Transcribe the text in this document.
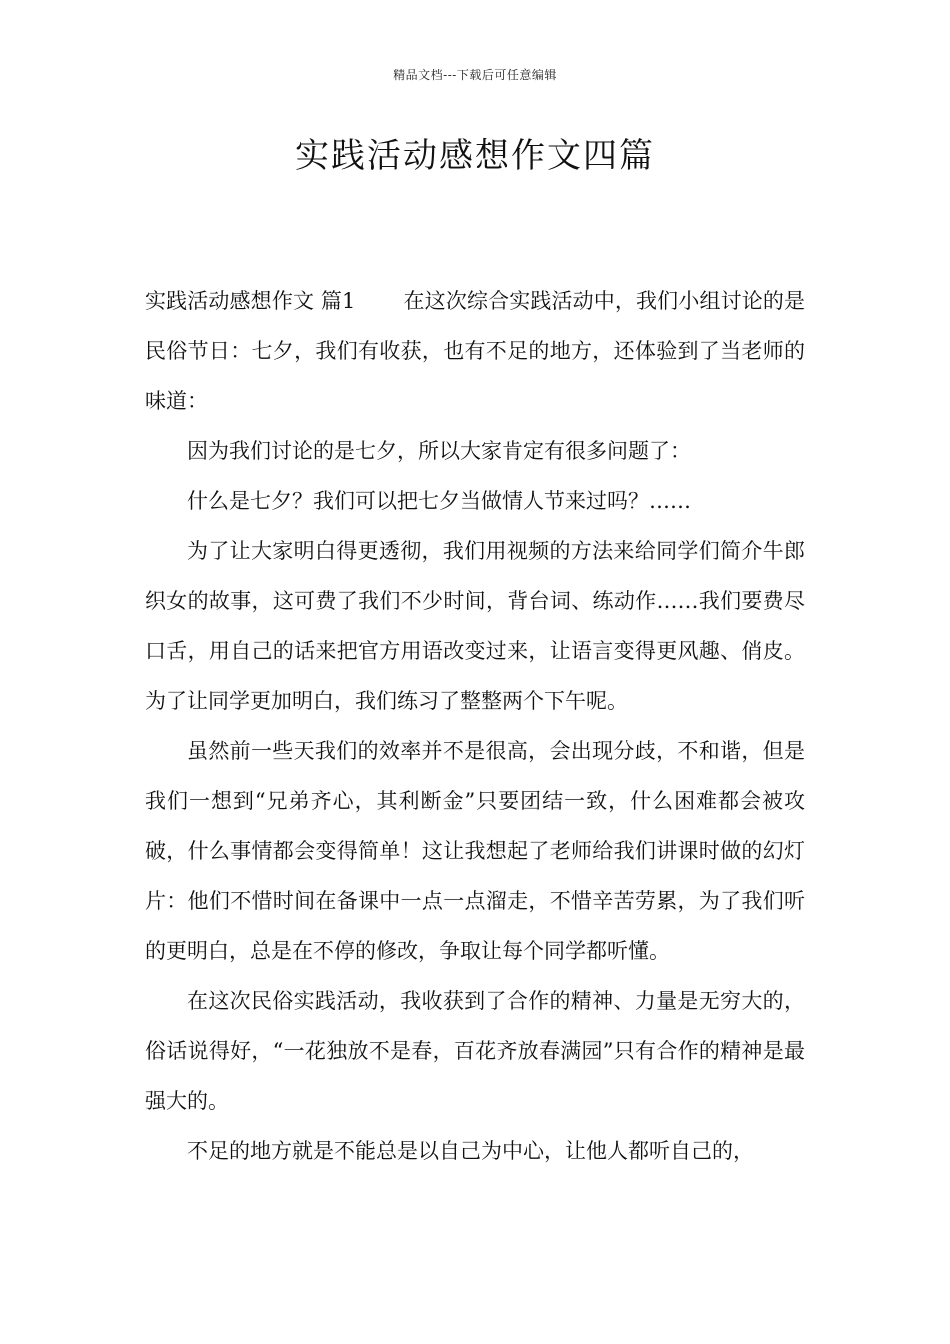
精品文档---下载后可任意编辑
实践活动感想作文四篇

实践活动感想作文 篇1 在这次综合实践活动中，我们小组讨论的是民俗节日：七夕，我们有收获，也有不足的地方，还体验到了当老师的味道：

因为我们讨论的是七夕，所以大家肯定有很多问题了：

什么是七夕？我们可以把七夕当做情人节来过吗？……

为了让大家明白得更透彻，我们用视频的方法来给同学们简介牛郎织女的故事，这可费了我们不少时间，背台词、练动作……我们要费尽口舌，用自己的话来把官方用语改变过来，让语言变得更风趣、俏皮。为了让同学更加明白，我们练习了整整两个下午呢。

虽然前一些天我们的效率并不是很高，会出现分歧，不和谐，但是我们一想到“兄弟齐心，其利断金”只要团结一致，什么困难都会被攻破，什么事情都会变得简单！这让我想起了老师给我们讲课时做的幻灯片：他们不惜时间在备课中一点一点溜走，不惜辛苦劳累，为了我们听的更明白，总是在不停的修改，争取让每个同学都听懂。

在这次民俗实践活动，我收获到了合作的精神、力量是无穷大的，俗话说得好，“一花独放不是春，百花齐放春满园”只有合作的精神是最强大的。

不足的地方就是不能总是以自己为中心，让他人都听自己的，
